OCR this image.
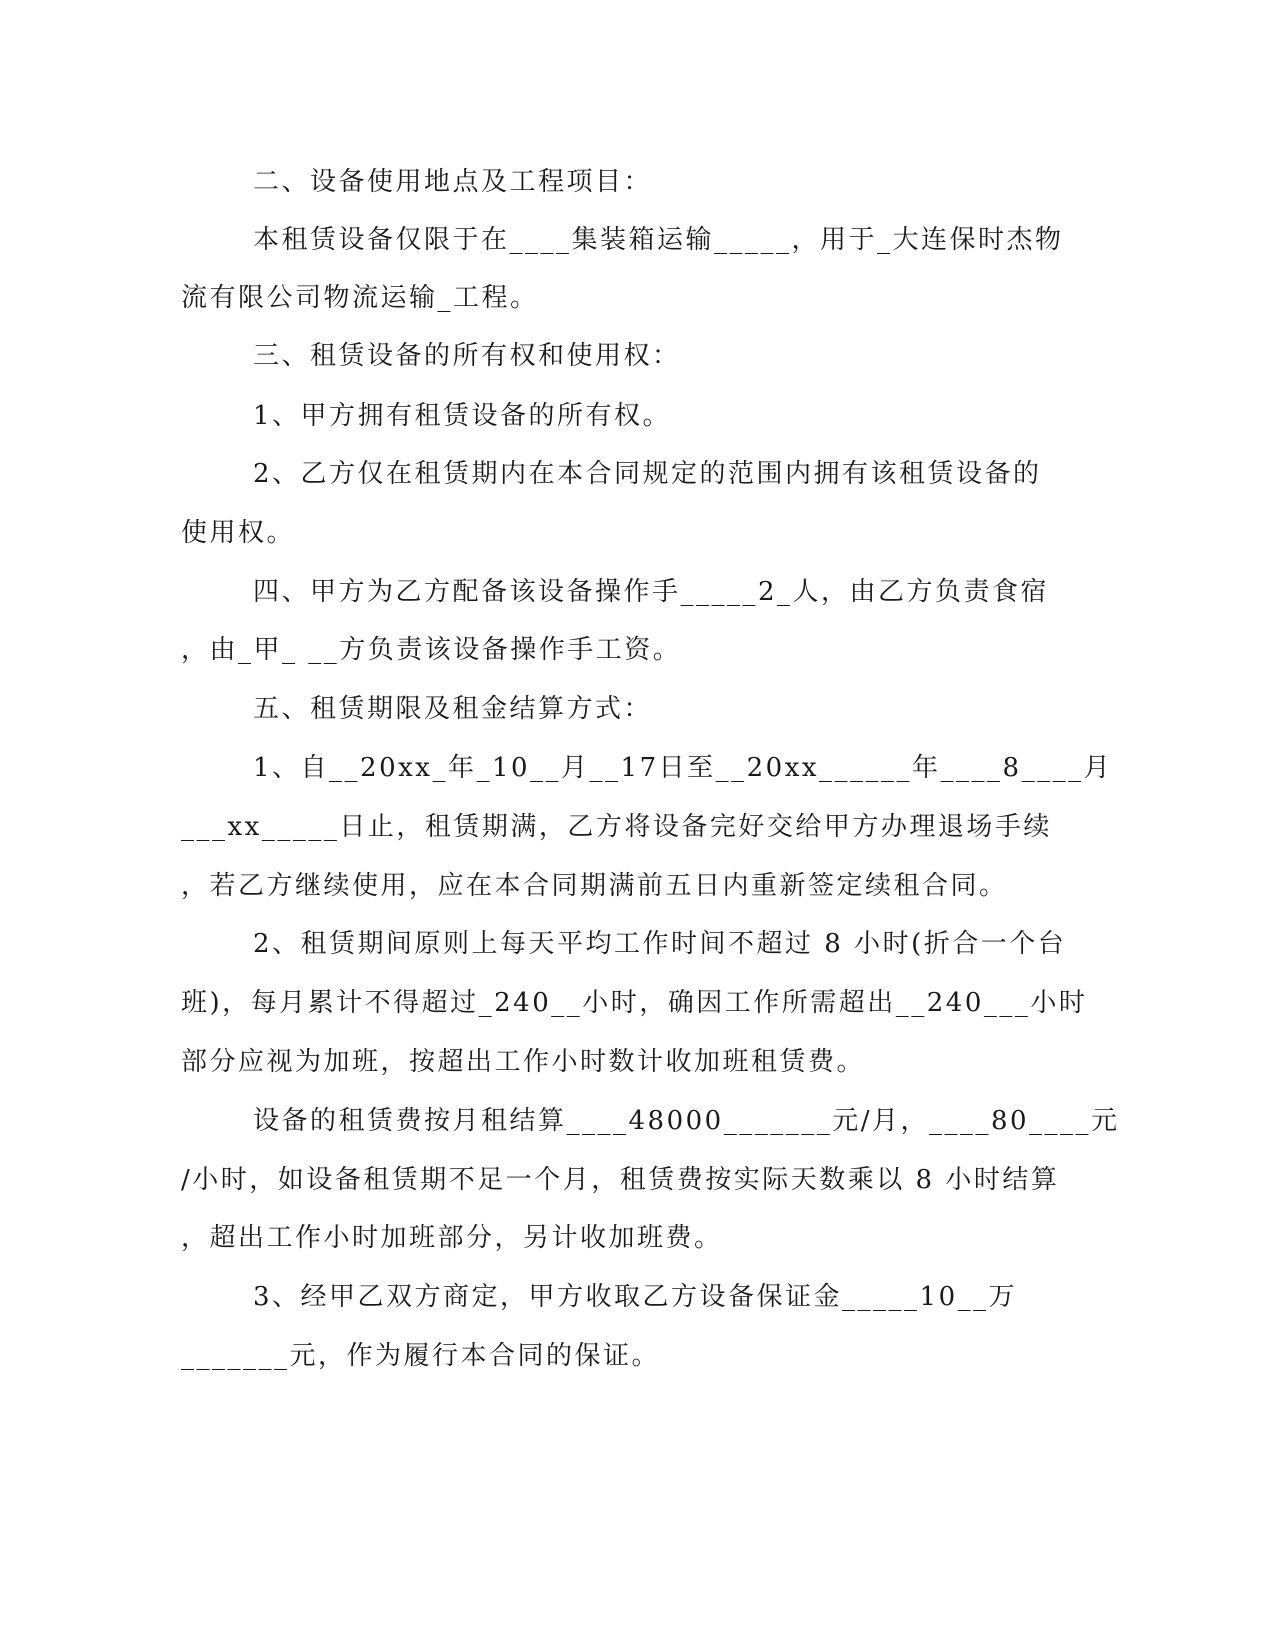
二、设备使用地点及工程项目：
本租赁设备仅限于在____集装箱运输_____，用于_大连保时杰物
流有限公司物流运输_工程。
三、租赁设备的所有权和使用权：
1、甲方拥有租赁设备的所有权。
2、乙方仅在租赁期内在本合同规定的范围内拥有该租赁设备的
使用权。
四、甲方为乙方配备该设备操作手_____2_人，由乙方负责食宿
，由_甲_ __方负责该设备操作手工资。
五、租赁期限及租金结算方式：
1、自__20xx_年_10__月__17日至__20xx______年____8____月
___xx_____日止，租赁期满，乙方将设备完好交给甲方办理退场手续
，若乙方继续使用，应在本合同期满前五日内重新签定续租合同。
2、租赁期间原则上每天平均工作时间不超过 8 小时(折合一个台
班)，每月累计不得超过_240__小时，确因工作所需超出__240___小时
部分应视为加班，按超出工作小时数计收加班租赁费。
设备的租赁费按月租结算____48000_______元/月，____80____元
/小时，如设备租赁期不足一个月，租赁费按实际天数乘以 8 小时结算
，超出工作小时加班部分，另计收加班费。
3、经甲乙双方商定，甲方收取乙方设备保证金_____10__万
_______元，作为履行本合同的保证。
